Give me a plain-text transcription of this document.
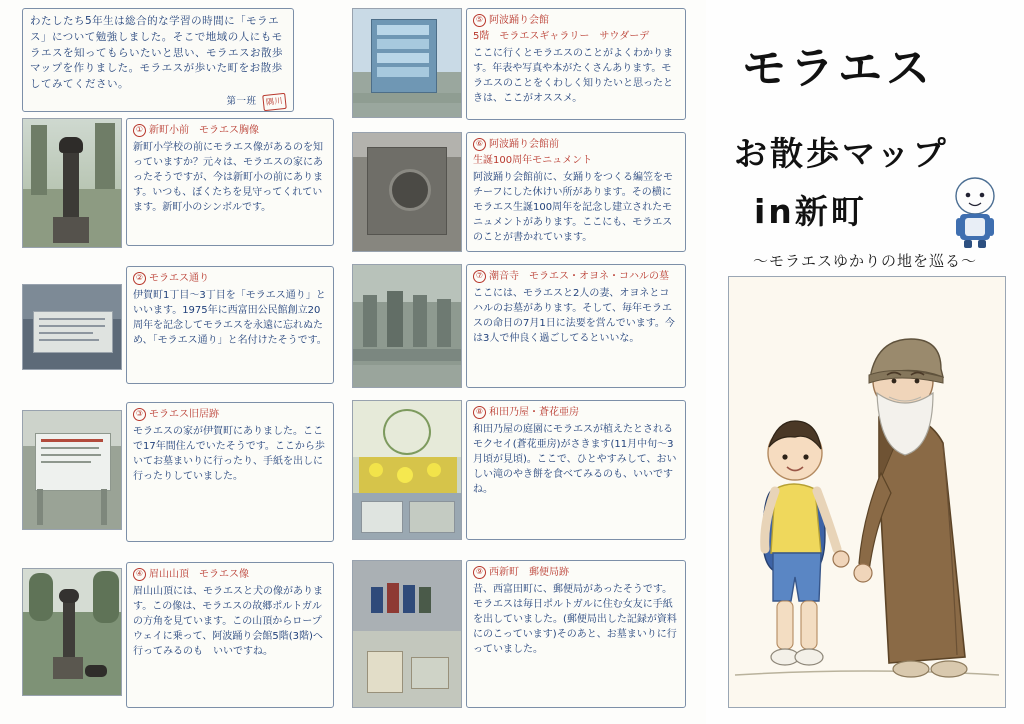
わたしたち5年生は総合的な学習の時間に「モラエス」について勉強しました。そこで地域の人にもモラエスを知ってもらいたいと思い、モラエスお散歩マップを作りました。モラエスが歩いた町をお散歩してみてください。
第一班 隅川
① 新町小前　モラエス胸像
新町小学校の前にモラエス像があるのを知っていますか？元々は、モラエスの家にあったそうですが、今は新町小の前にあります。いつも、ぼくたちを見守ってくれています。新町小のシンボルです。
② モラエス通り
伊賀町1丁目〜3丁目を「モラエス通り」といいます。1975年に西富田公民館創立20周年を記念してモラエスを永遠に忘れぬため、「モラエス通り」と名付けたそうです。
③ モラエス旧居跡
モラエスの家が伊賀町にありました。ここで17年間住んでいたそうです。ここから歩いてお墓まいりに行ったり、手紙を出しに行ったりしていました。
④ 眉山山頂　モラエス像
眉山山頂には、モラエスと犬の像があります。この像は、モラエスの故郷ポルトガルの方角を見ています。この山頂からロープウェイに乗って、阿波踊り会館5階(3階)へ行ってみるのも　いいですね。
⑤ 阿波踊り会館
5階　モラエスギャラリー　サウダーデ
ここに行くとモラエスのことがよくわかります。年表や写真や本がたくさんあります。モラエスのことをくわしく知りたいと思ったときは、ここがオススメ。
⑥ 阿波踊り会館前
生誕100周年モニュメント
阿波踊り会館前に、女踊りをつくる編笠をモチーフにした休けい所があります。その横にモラエス生誕100周年を記念し建立されたモニュメントがあります。ここにも、モラエスのことが書かれています。
⑦ 潮音寺　モラエス・オヨネ・コハルの墓
ここには、モラエスと2人の妻、オヨネとコハルのお墓があります。そして、毎年モラエスの命日の7月1日に法要を営んでいます。今は3人で仲良く過ごしてるといいな。
⑧ 和田乃屋・蒼花亜房
和田乃屋の庭園にモラエスが植えたとされるモクセイ(蒼花亜房)がさきます(11月中旬〜3月頃が見頃)。ここで、ひとやすみして、おいしい滝のやき餅を食べてみるのも、いいですね。
⑨ 西新町　郵便局跡
昔、西富田町に、郵便局があったそうです。モラエスは毎日ポルトガルに住む女友に手紙を出していました。(郵便局出した記録が資料にのこっています)そのあと、お墓まいりに行っていました。
モラエス
お散歩マップ
in新町
〜モラエスゆかりの地を巡る〜
